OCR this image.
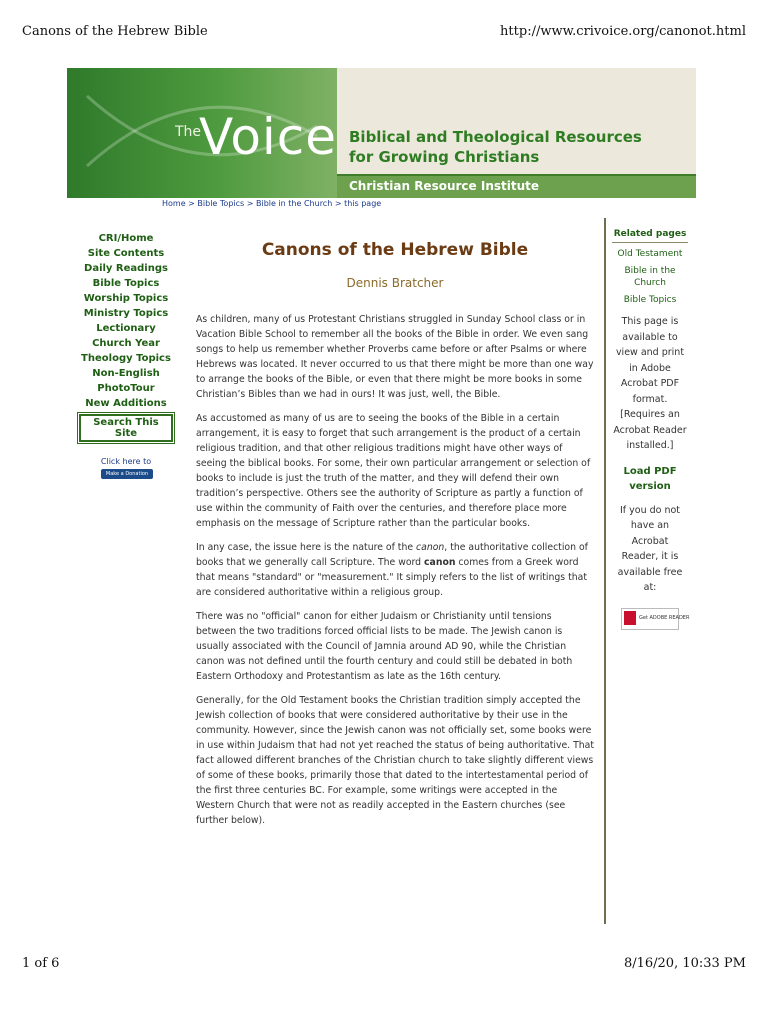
Canons of the Hebrew Bible	http://www.crivoice.org/canonot.html
The
Voice Biblical and Theological Resources
for Growing Christians
Christian Resource Institute
Home > Bible Topics > Bible in the Church > this page
CRI/Home
Site Contents
Daily Readings
Bible Topics
Worship Topics
Ministry Topics
Lectionary
Church Year
Theology Topics
Non-English
PhotoTour
New Additions
Search This Site
Click here to
Make a Donation
Canons of the Hebrew Bible

Dennis Bratcher

As children, many of us Protestant Christians struggled in Sunday School class or in Vacation Bible School to remember all the books of the Bible in order. We even sang songs to help us remember whether Proverbs came before or after Psalms or where Hebrews was located. It never occurred to us that there might be more than one way to arrange the books of the Bible, or even that there might be more books in some Christian’s Bibles than we had in ours! It was just, well, the Bible.

As accustomed as many of us are to seeing the books of the Bible in a certain arrangement, it is easy to forget that such arrangement is the product of a certain religious tradition, and that other religious traditions might have other ways of seeing the biblical books. For some, their own particular arrangement or selection of books to include is just the truth of the matter, and they will defend their own tradition’s perspective. Others see the authority of Scripture as partly a function of use within the community of Faith over the centuries, and therefore place more emphasis on the message of Scripture rather than the particular books.

In any case, the issue here is the nature of the canon, the authoritative collection of books that we generally call Scripture. The word canon comes from a Greek word that means "standard" or "measurement." It simply refers to the list of writings that are considered authoritative within a religious group.

There was no "official" canon for either Judaism or Christianity until tensions between the two traditions forced official lists to be made. The Jewish canon is usually associated with the Council of Jamnia around AD 90, while the Christian canon was not defined until the fourth century and could still be debated in both Eastern Orthodoxy and Protestantism as late as the 16th century.

Generally, for the Old Testament books the Christian tradition simply accepted the Jewish collection of books that were considered authoritative by their use in the community. However, since the Jewish canon was not officially set, some books were in use within Judaism that had not yet reached the status of being authoritative. That fact allowed different branches of the Christian church to take slightly different views of some of these books, primarily those that dated to the intertestamental period of the first three centuries BC. For example, some writings were accepted in the Western Church that were not as readily accepted in the Eastern churches (see further below).

Related pages
Old Testament
Bible in the Church
Bible Topics
This page is available to view and print in Adobe Acrobat PDF format. [Requires an Acrobat Reader installed.]
Load PDF version
If you do not have an Acrobat Reader, it is available free at:
Get ADOBE READER
1 of 6	8/16/20, 10:33 PM
